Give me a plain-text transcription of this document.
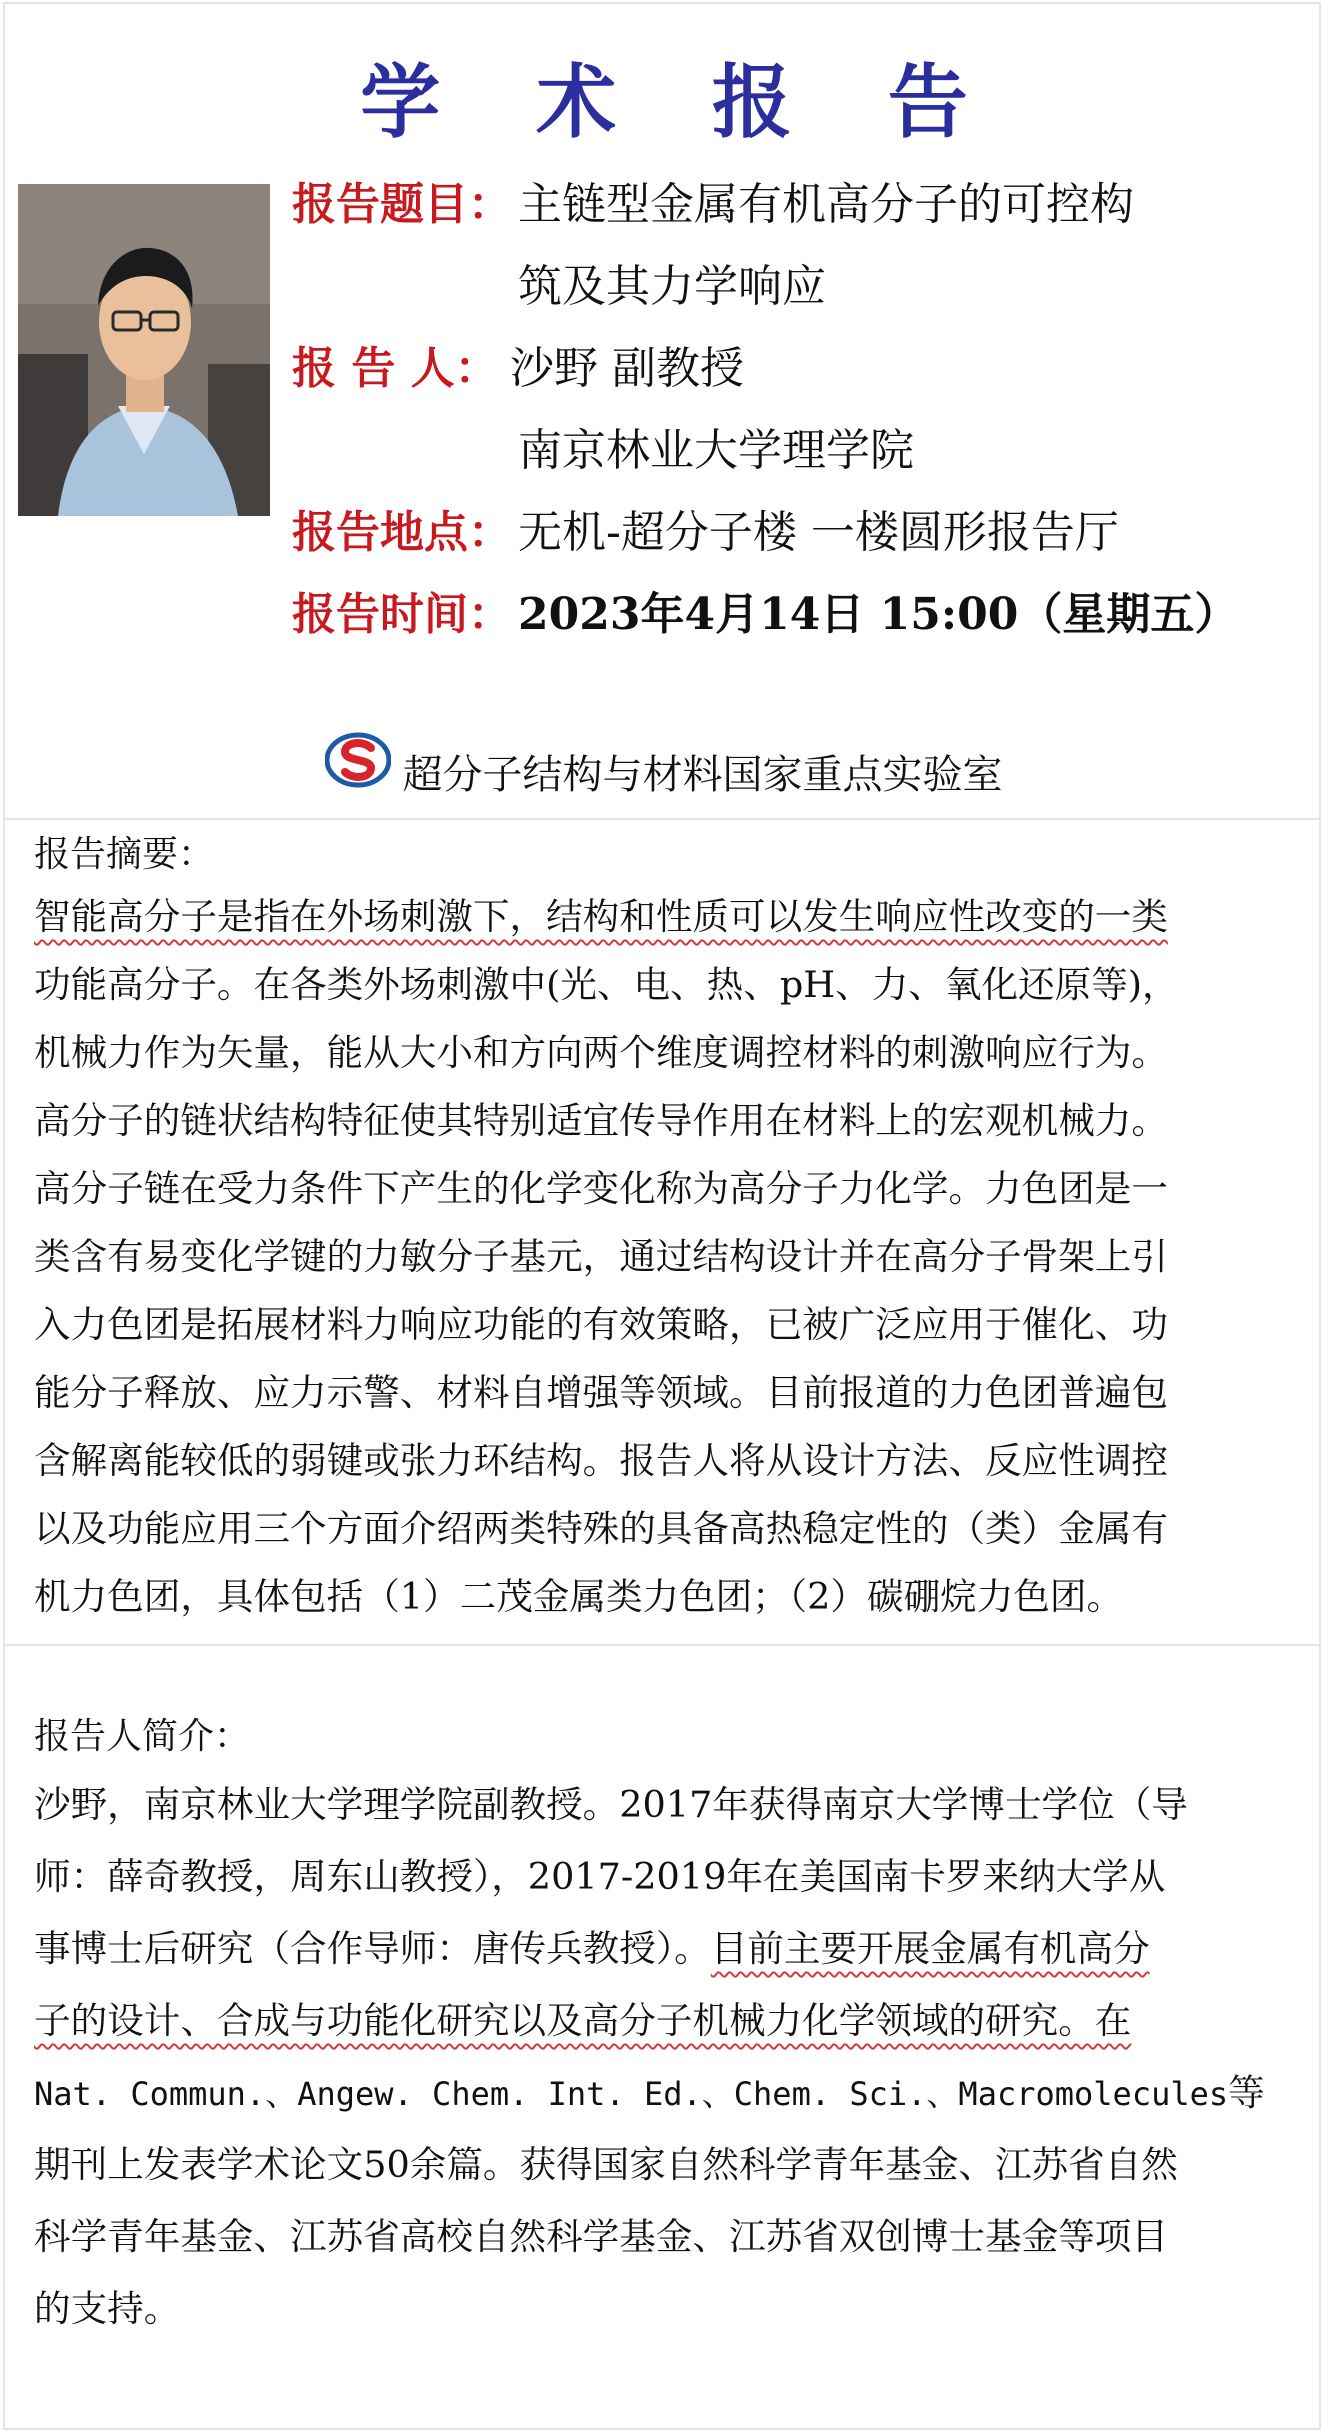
学 术 报 告
报告题目： 主链型金属有机高分子的可控构
筑及其力学响应
报 告 人： 沙野 副教授
南京林业大学理学院
报告地点： 无机-超分子楼 一楼圆形报告厅
报告时间： 2023年4月14日 15:00（星期五）
超分子结构与材料国家重点实验室
报告摘要：
智能高分子是指在外场刺激下，结构和性质可以发生响应性改变的一类
功能高分子。在各类外场刺激中(光、电、热、pH、力、氧化还原等)，
机械力作为矢量，能从大小和方向两个维度调控材料的刺激响应行为。
高分子的链状结构特征使其特别适宜传导作用在材料上的宏观机械力。
高分子链在受力条件下产生的化学变化称为高分子力化学。力色团是一
类含有易变化学键的力敏分子基元，通过结构设计并在高分子骨架上引
入力色团是拓展材料力响应功能的有效策略，已被广泛应用于催化、功
能分子释放、应力示警、材料自增强等领域。目前报道的力色团普遍包
含解离能较低的弱键或张力环结构。报告人将从设计方法、反应性调控
以及功能应用三个方面介绍两类特殊的具备高热稳定性的（类）金属有
机力色团，具体包括（1）二茂金属类力色团；（2）碳硼烷力色团。
报告人简介：
沙野，南京林业大学理学院副教授。2017年获得南京大学博士学位（导
师：薛奇教授，周东山教授），2017-2019年在美国南卡罗来纳大学从
事博士后研究（合作导师：唐传兵教授）。目前主要开展金属有机高分
子的设计、合成与功能化研究以及高分子机械力化学领域的研究。在
Nat. Commun.、Angew. Chem. Int. Ed.、Chem. Sci.、Macromolecules等
期刊上发表学术论文50余篇。获得国家自然科学青年基金、江苏省自然
科学青年基金、江苏省高校自然科学基金、江苏省双创博士基金等项目
的支持。
